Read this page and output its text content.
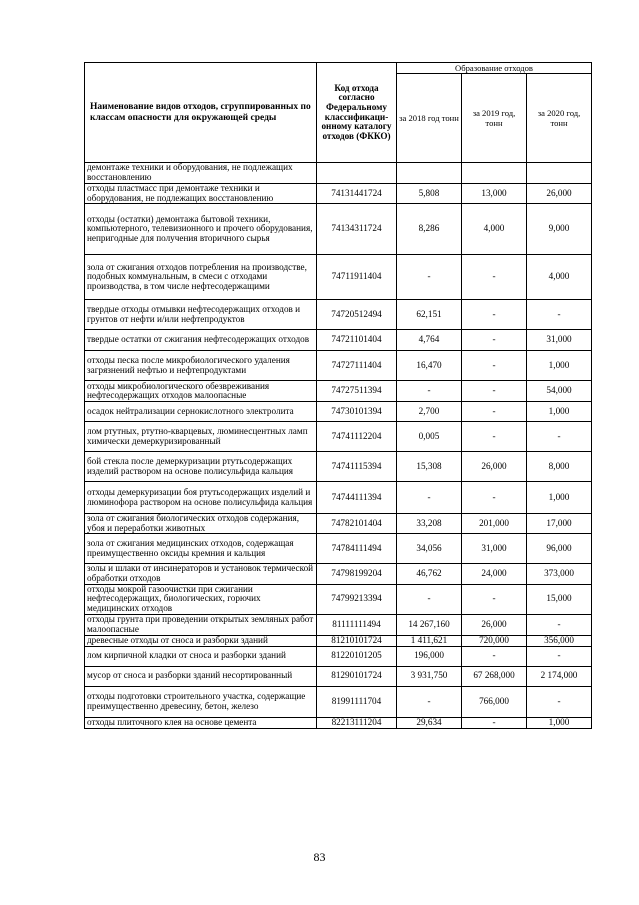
Наименование видов отходов, сгруппированных по классам опасности для окружающей среды	Код отхода согласно Федеральному классификаци-онному каталогу отходов (ФККО)	Образование отходов		
		за 2018 год тонн	за 2019 год, тонн	за 2020 год, тонн
демонтаже техники и оборудования, не подлежащих восстановлению				
отходы пластмасс при демонтаже техники и оборудования, не подлежащих восстановлению	74131441724	5,808	13,000	26,000
отходы (остатки) демонтажа бытовой техники, компьютерного, телевизионного и прочего оборудования, непригодные для получения вторичного сырья	74134311724	8,286	4,000	9,000
зола от сжигания отходов потребления на производстве, подобных коммунальным, в смеси с отходами производства, в том числе нефтесодержащими	74711911404	-	-	4,000
твердые отходы отмывки нефтесодержащих отходов и грунтов от нефти и/или нефтепродуктов	74720512494	62,151	-	-
твердые остатки от сжигания нефтесодержащих отходов	74721101404	4,764	-	31,000
отходы песка после микробиологического удаления загрязнений нефтью и нефтепродуктами	74727111404	16,470	-	1,000
отходы микробиологического обезвреживания нефтесодержащих отходов малоопасные	74727511394	-	-	54,000
осадок нейтрализации сернокислотного электролита	74730101394	2,700	-	1,000
лом ртутных, ртутно-кварцевых, люминесцентных ламп химически демеркуризированный	74741112204	0,005	-	-
бой стекла после демеркуризации ртутьсодержащих изделий раствором на основе полисульфида кальция	74741115394	15,308	26,000	8,000
отходы демеркуризации боя ртутьсодержащих изделий и люминофора раствором на основе полисульфида кальция	74744111394	-	-	1,000
зола от сжигания биологических отходов содержания, убоя и переработки животных	74782101404	33,208	201,000	17,000
зола от сжигания медицинских отходов, содержащая преимущественно оксиды кремния и кальция	74784111494	34,056	31,000	96,000
золы и шлаки от инсинераторов и установок термической обработки отходов	74798199204	46,762	24,000	373,000
отходы мокрой газоочистки при сжигании нефтесодержащих, биологических, горючих медицинских отходов	74799213394	-	-	15,000
отходы грунта при проведении открытых земляных работ малоопасные	81111111494	14 267,160	26,000	-
древесные отходы от сноса и разборки зданий	81210101724	1 411,621	720,000	356,000
лом кирпичной кладки от сноса и разборки зданий	81220101205	196,000	-	-
мусор от сноса и разборки зданий несортированный	81290101724	3 931,750	67 268,000	2 174,000
отходы подготовки строительного участка, содержащие преимущественно древесину, бетон, железо	81991111704	-	766,000	-
отходы плиточного клея на основе цемента	82213111204	29,634	-	1,000
83
